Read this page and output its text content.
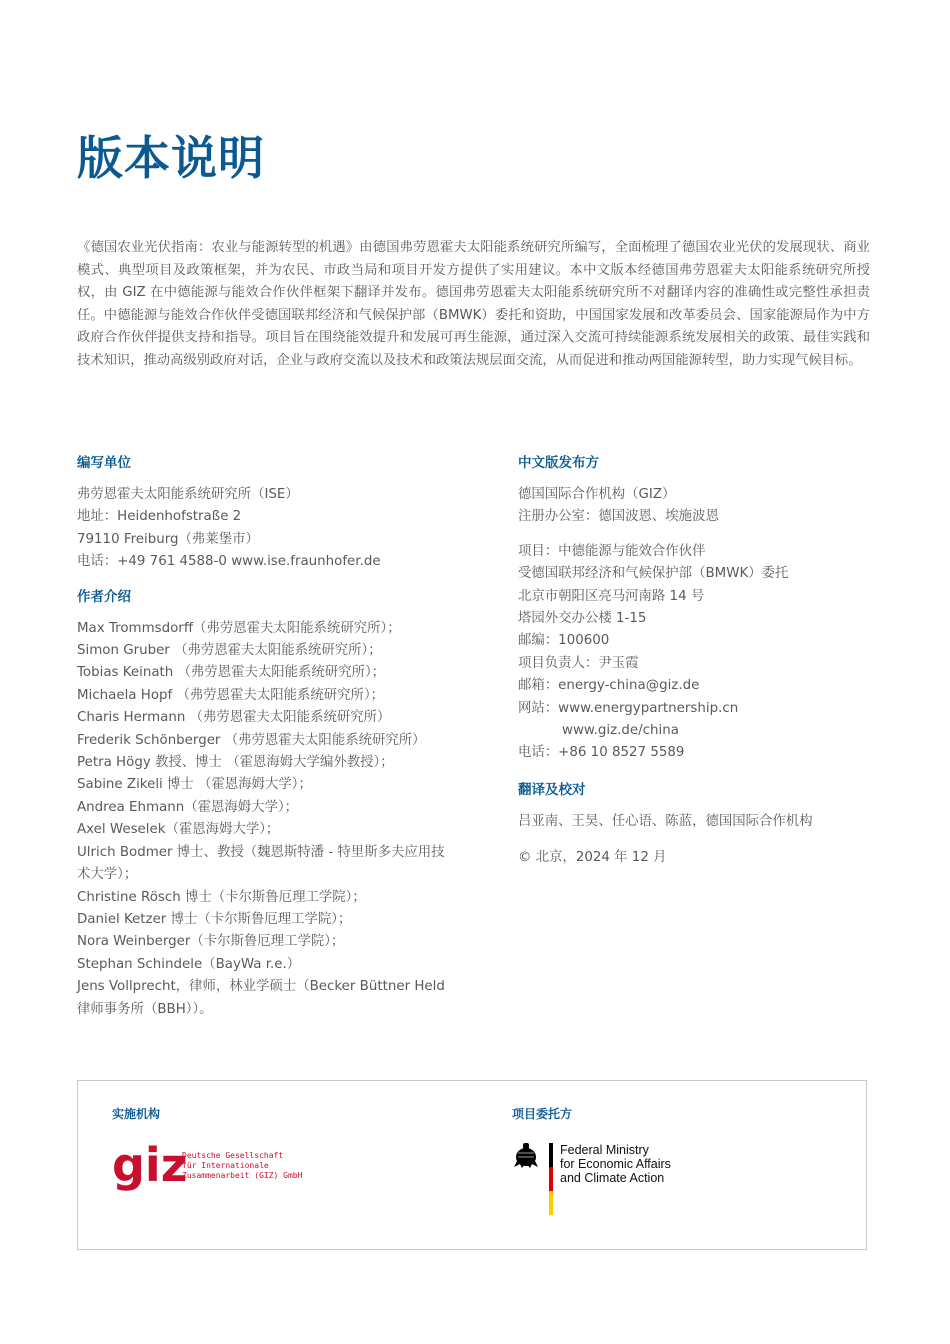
版本说明

《德国农业光伏指南：农业与能源转型的机遇》由德国弗劳恩霍夫太阳能系统研究所编写，全面梳理了德国农业光伏的发展现状、商业模式、典型项目及政策框架，并为农民、市政当局和项目开发方提供了实用建议。本中文版本经德国弗劳恩霍夫太阳能系统研究所授权，由 GIZ 在中德能源与能效合作伙伴框架下翻译并发布。德国弗劳恩霍夫太阳能系统研究所不对翻译内容的准确性或完整性承担责任。中德能源与能效合作伙伴受德国联邦经济和气候保护部（BMWK）委托和资助，中国国家发展和改革委员会、国家能源局作为中方政府合作伙伴提供支持和指导。项目旨在围绕能效提升和发展可再生能源，通过深入交流可持续能源系统发展相关的政策、最佳实践和技术知识，推动高级别政府对话，企业与政府交流以及技术和政策法规层面交流，从而促进和推动两国能源转型，助力实现气候目标。

编写单位
弗劳恩霍夫太阳能系统研究所（ISE）
地址：Heidenhofstraße 2
79110 Freiburg（弗莱堡市）
电话：+49 761 4588-0 www.ise.fraunhofer.de
作者介绍
Max Trommsdorff（弗劳恩霍夫太阳能系统研究所）；
Simon Gruber （弗劳恩霍夫太阳能系统研究所）；
Tobias Keinath （弗劳恩霍夫太阳能系统研究所）；
Michaela Hopf （弗劳恩霍夫太阳能系统研究所）；
Charis Hermann （弗劳恩霍夫太阳能系统研究所）
Frederik Schönberger （弗劳恩霍夫太阳能系统研究所）
Petra Högy 教授、博士 （霍恩海姆大学编外教授）；
Sabine Zikeli 博士 （霍恩海姆大学）；
Andrea Ehmann（霍恩海姆大学）；
Axel Weselek（霍恩海姆大学）；
Ulrich Bodmer 博士、教授（魏恩斯特潘 - 特里斯多夫应用技术大学）；
Christine Rösch 博士（卡尔斯鲁厄理工学院）；
Daniel Ketzer 博士（卡尔斯鲁厄理工学院）；
Nora Weinberger（卡尔斯鲁厄理工学院）；
Stephan Schindele（BayWa r.e.）
Jens Vollprecht，律师，林业学硕士（Becker Büttner Held 律师事务所（BBH））。
中文版发布方
德国国际合作机构（GIZ）
注册办公室：德国波恩、埃施波恩
项目：中德能源与能效合作伙伴
受德国联邦经济和气候保护部（BMWK）委托
北京市朝阳区亮马河南路 14 号
塔园外交办公楼 1-15
邮编：100600
项目负责人：尹玉霞
邮箱：energy-china@giz.de
网站：www.energypartnership.cn
www.giz.de/china
电话：+86 10 8527 5589
翻译及校对
吕亚南、王昊、任心语、陈蓝，德国国际合作机构
© 北京，2024 年 12 月
实施机构	项目委托方
giz
Deutsche Gesellschaft
für Internationale
Zusammenarbeit (GIZ) GmbH
Federal Ministry
for Economic Affairs
and Climate Action
